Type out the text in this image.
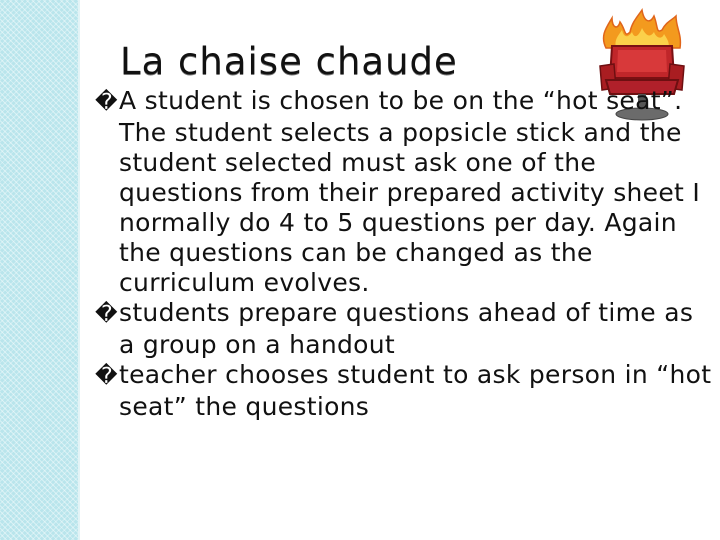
La chaise chaude

�A student is chosen to be on the “hot seat”. The student selects a popsicle stick and the student selected must ask one of the questions from their prepared activity sheet I normally do 4 to 5 questions per day. Again the questions can be changed as the curriculum evolves.

�students prepare questions ahead of time as a group on a handout

�teacher chooses student to ask person in “hot seat” the questions
